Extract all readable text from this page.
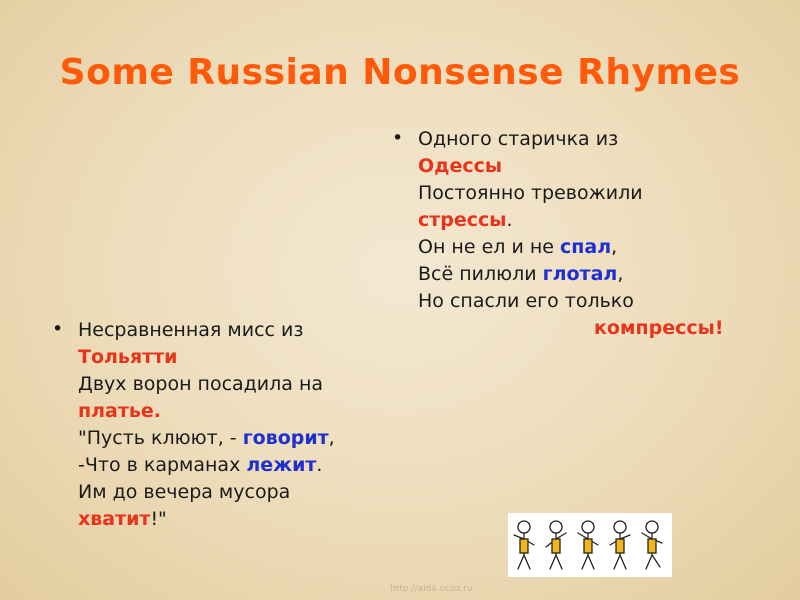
Some Russian Nonsense Rhymes
• Одного старичка из
Одессы
Постоянно тревожили
стрессы.
Он не ел и не спал,
Всё пилюли глотал,
Но спасли его только
компрессы!
• Несравненная мисс из
Тольятти
Двух ворон посадила на
платье.
"Пусть клюют, - говорит,
-Что в карманах лежит.
Им до вечера мусора
хватит!"
http://aida.ucoz.ru
